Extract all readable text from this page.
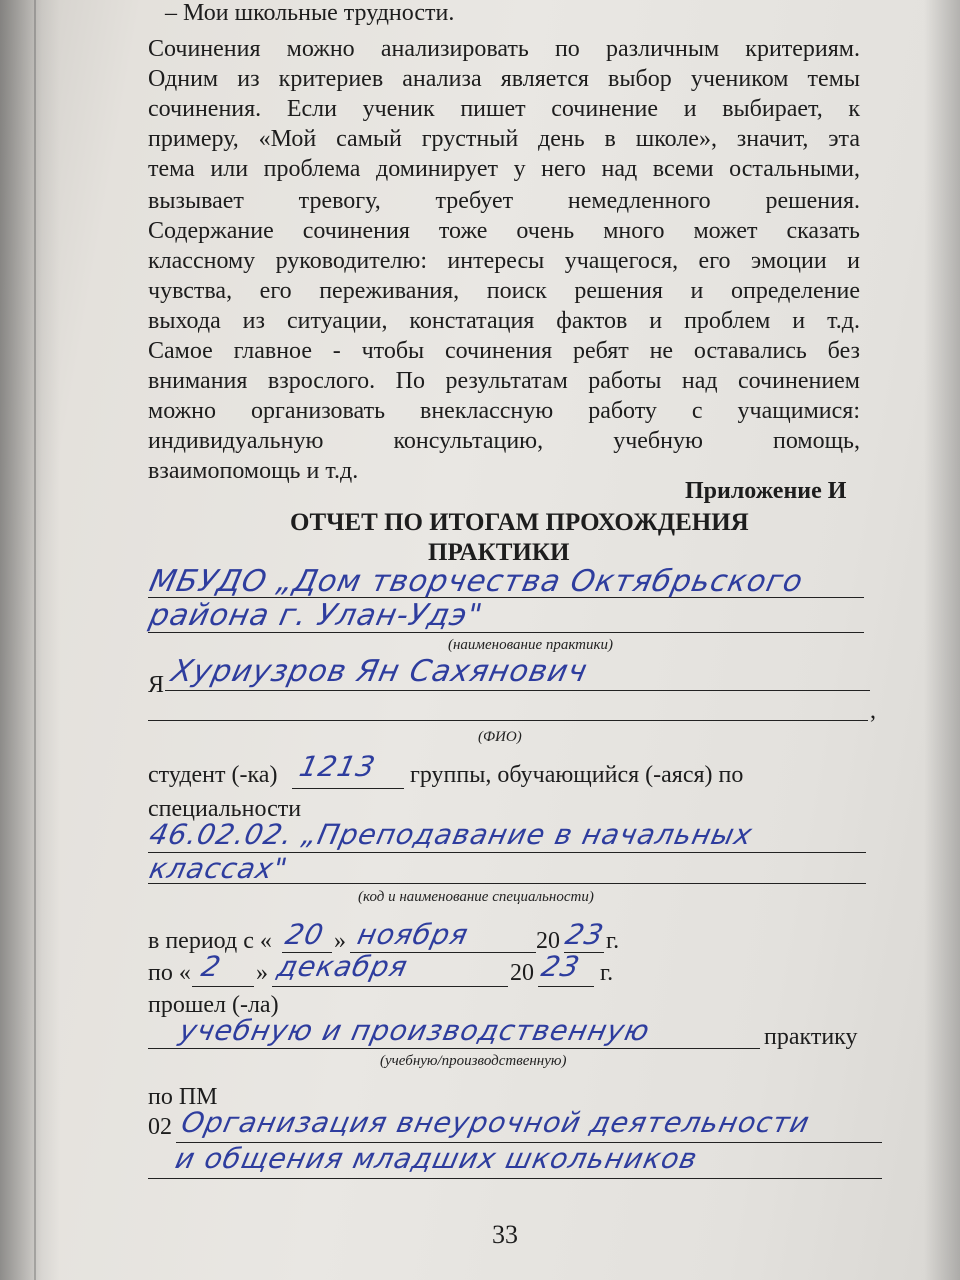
– Мои школьные трудности.
Сочинения можно анализировать по различным критериям.
Одним из критериев анализа является выбор учеником темы
сочинения. Если ученик пишет сочинение и выбирает, к
примеру, «Мой самый грустный день в школе», значит, эта
тема или проблема доминирует у него над всеми остальными,
вызывает тревогу, требует немедленного решения.
Содержание сочинения тоже очень много может сказать
классному руководителю: интересы учащегося, его эмоции и
чувства, его переживания, поиск решения и определение
выхода из ситуации, констатация фактов и проблем и т.д.
Самое главное - чтобы сочинения ребят не оставались без
внимания взрослого. По результатам работы над сочинением
можно организовать внеклассную работу с учащимися:
индивидуальную консультацию, учебную помощь,
взаимопомощь и т.д.
Приложение И
ОТЧЕТ ПО ИТОГАМ ПРОХОЖДЕНИЯ
ПРАКТИКИ
МБУДО „Дом творчества Октябрьского
района г. Улан-Удэ"
(наименование практики)
Я Хуриузров Ян Сахянович
,
(ФИО)
студент (-ка) 1213 группы, обучающийся (-аяся) по
специальности
46.02.02. „Преподавание в начальных
классах"
(код и наименование специальности)
в период с « 20 » ноября	20 23
г.
по « 2 » декабря	20 23 г.
прошел (-ла)
учебную и производственную	практику
(учебную/производственную)
по ПМ
02 Организация внеурочной деятельности
и общения младших школьников
33
